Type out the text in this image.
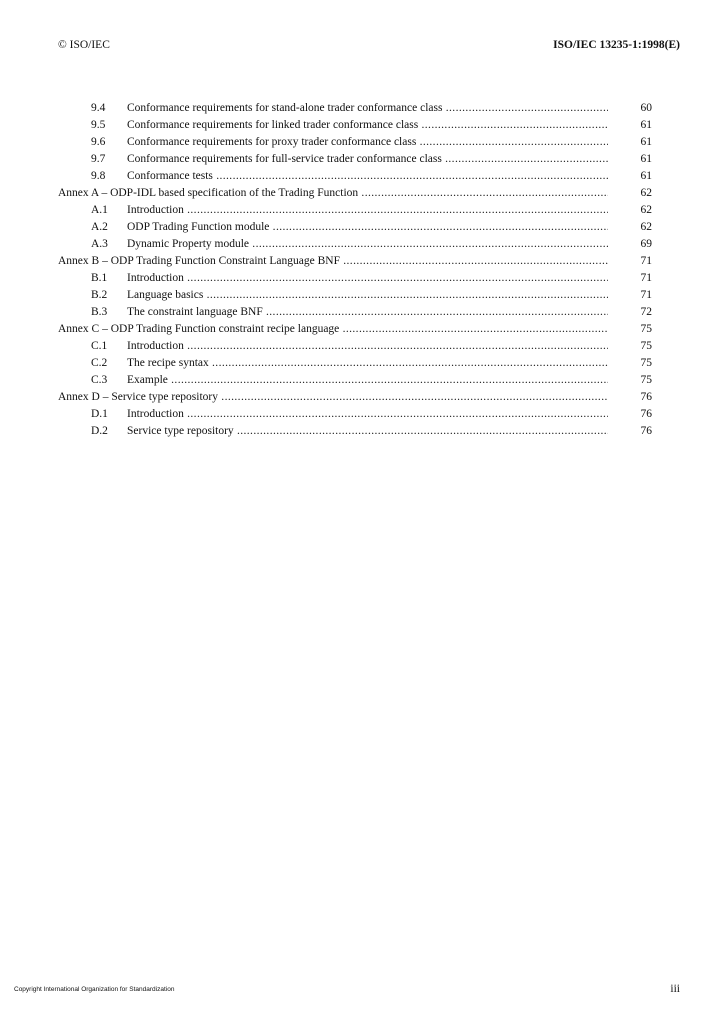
© ISO/IEC	ISO/IEC 13235-1:1998(E)
9.4 Conformance requirements for stand-alone trader conformance class .....	60
9.5 Conformance requirements for linked trader conformance class .....	61
9.6 Conformance requirements for proxy trader conformance class .....	61
9.7 Conformance requirements for full-service trader conformance class .....	61
9.8 Conformance tests .....	61
Annex A – ODP-IDL based specification of the Trading Function .....	62
A.1 Introduction .....	62
A.2 ODP Trading Function module .....	62
A.3 Dynamic Property module .....	69
Annex B – ODP Trading Function Constraint Language BNF .....	71
B.1 Introduction .....	71
B.2 Language basics .....	71
B.3 The constraint language BNF .....	72
Annex C – ODP Trading Function constraint recipe language .....	75
C.1 Introduction .....	75
C.2 The recipe syntax .....	75
C.3 Example .....	75
Annex D – Service type repository .....	76
D.1 Introduction .....	76
D.2 Service type repository .....	76
Copyright International Organization for Standardization	iii
